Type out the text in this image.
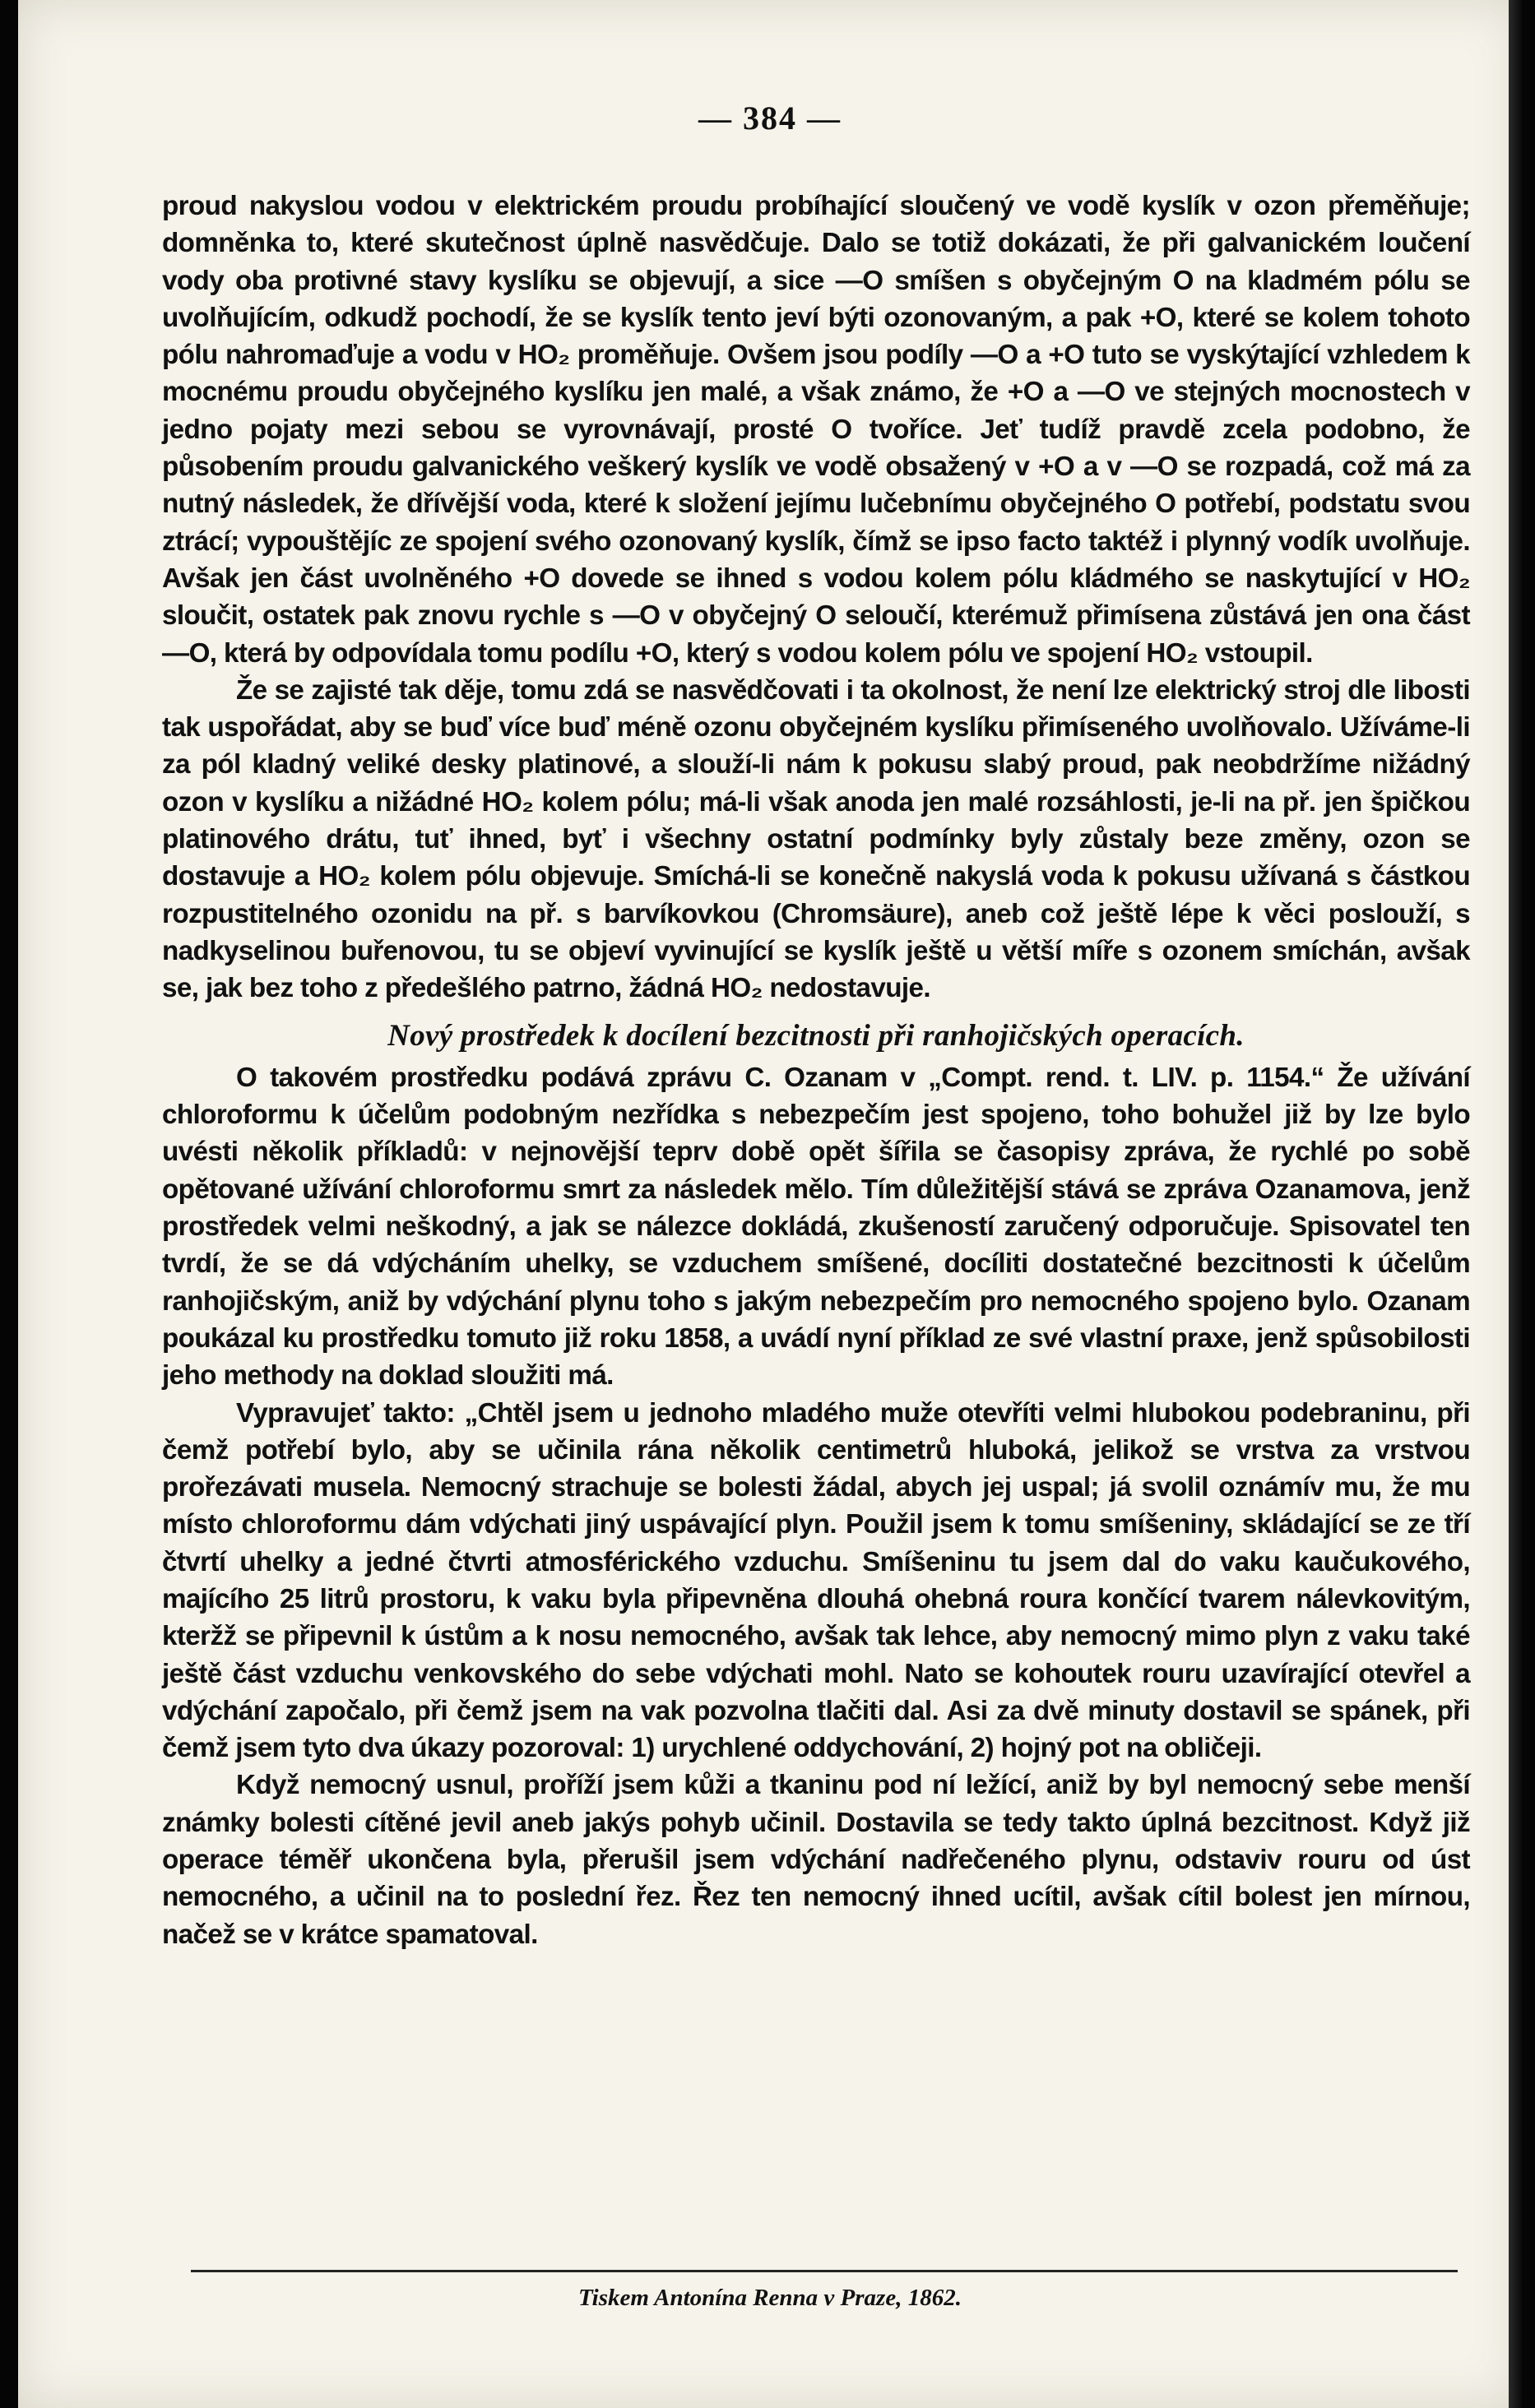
— 384 —

proud nakyslou vodou v elektrickém proudu probíhající sloučený ve vodě kyslík v ozon přeměňuje; domněnka to, které skutečnost úplně nasvědčuje. Dalo se totiž dokázati, že při galvanickém loučení vody oba protivné stavy kyslíku se objevují, a sice —O smíšen s obyčejným O na kladmém pólu se uvolňujícím, odkudž pochodí, že se kyslík tento jeví býti ozonovaným, a pak +O, které se kolem tohoto pólu nahromaďuje a vodu v HO₂ proměňuje. Ovšem jsou podíly —O a +O tuto se vyskýtající vzhledem k mocnému proudu obyčejného kyslíku jen malé, a však známo, že +O a —O ve stejných mocnostech v jedno pojaty mezi sebou se vyrovnávají, prosté O tvoříce. Jeť tudíž pravdě zcela podobno, že působením proudu galvanického veškerý kyslík ve vodě obsažený v +O a v —O se rozpadá, což má za nutný následek, že dřívější voda, které k složení jejímu lučebnímu obyčejného O potřebí, podstatu svou ztrácí; vypouštějíc ze spojení svého ozonovaný kyslík, čímž se ipso facto taktéž i plynný vodík uvolňuje. Avšak jen část uvolněného +O dovede se ihned s vodou kolem pólu kládmého se naskytující v HO₂ sloučit, ostatek pak znovu rychle s —O v obyčejný O seloučí, kterémuž přimísena zůstává jen ona část —O, která by odpovídala tomu podílu +O, který s vodou kolem pólu ve spojení HO₂ vstoupil.

Že se zajisté tak děje, tomu zdá se nasvědčovati i ta okolnost, že není lze elektrický stroj dle libosti tak uspořádat, aby se buď více buď méně ozonu obyčejném kyslíku přimíseného uvolňovalo. Užíváme-li za pól kladný veliké desky platinové, a slouží-li nám k pokusu slabý proud, pak neobdržíme nižádný ozon v kyslíku a nižádné HO₂ kolem pólu; má-li však anoda jen malé rozsáhlosti, je-li na př. jen špičkou platinového drátu, tuť ihned, byť i všechny ostatní podmínky byly zůstaly beze změny, ozon se dostavuje a HO₂ kolem pólu objevuje. Smíchá-li se konečně nakyslá voda k pokusu užívaná s částkou rozpustitelného ozonidu na př. s barvíkovkou (Chromsäure), aneb což ještě lépe k věci poslouží, s nadkyselinou buřenovou, tu se objeví vyvinující se kyslík ještě u větší míře s ozonem smíchán, avšak se, jak bez toho z předešlého patrno, žádná HO₂ nedostavuje.

Nový prostředek k docílení bezcitnosti při ranhojičských operacích.

O takovém prostředku podává zprávu C. Ozanam v „Compt. rend. t. LIV. p. 1154.“ Že užívání chloroformu k účelům podobným nezřídka s nebezpečím jest spojeno, toho bohužel již by lze bylo uvésti několik příkladů: v nejnovější teprv době opět šířila se časopisy zpráva, že rychlé po sobě opětované užívání chloroformu smrt za následek mělo. Tím důležitější stává se zpráva Ozanamova, jenž prostředek velmi neškodný, a jak se nálezce dokládá, zkušeností zaručený odporučuje. Spisovatel ten tvrdí, že se dá vdýcháním uhelky, se vzduchem smíšené, docíliti dostatečné bezcitnosti k účelům ranhojičským, aniž by vdýchání plynu toho s jakým nebezpečím pro nemocného spojeno bylo. Ozanam poukázal ku prostředku tomuto již roku 1858, a uvádí nyní příklad ze své vlastní praxe, jenž spůsobilosti jeho methody na doklad sloužiti má.

Vypravujeť takto: „Chtěl jsem u jednoho mladého muže otevříti velmi hlubokou podebraninu, při čemž potřebí bylo, aby se učinila rána několik centimetrů hluboká, jelikož se vrstva za vrstvou prořezávati musela. Nemocný strachuje se bolesti žádal, abych jej uspal; já svolil oznámív mu, že mu místo chloroformu dám vdýchati jiný uspávající plyn. Použil jsem k tomu smíšeniny, skládající se ze tří čtvrtí uhelky a jedné čtvrti atmosférického vzduchu. Smíšeninu tu jsem dal do vaku kaučukového, majícího 25 litrů prostoru, k vaku byla připevněna dlouhá ohebná roura končící tvarem nálevkovitým, kteržž se připevnil k ústům a k nosu nemocného, avšak tak lehce, aby nemocný mimo plyn z vaku také ještě část vzduchu venkovského do sebe vdýchati mohl. Nato se kohoutek rouru uzavírající otevřel a vdýchání započalo, při čemž jsem na vak pozvolna tlačiti dal. Asi za dvě minuty dostavil se spánek, při čemž jsem tyto dva úkazy pozoroval: 1) urychlené oddychování, 2) hojný pot na obličeji.

Když nemocný usnul, proříží jsem kůži a tkaninu pod ní ležící, aniž by byl nemocný sebe menší známky bolesti cítěné jevil aneb jakýs pohyb učinil. Dostavila se tedy takto úplná bezcitnost. Když již operace téměř ukončena byla, přerušil jsem vdýchání nadřečeného plynu, odstaviv rouru od úst nemocného, a učinil na to poslední řez. Řez ten nemocný ihned ucítil, avšak cítil bolest jen mírnou, načež se v krátce spamatoval.

Tiskem Antonína Renna v Praze, 1862.
